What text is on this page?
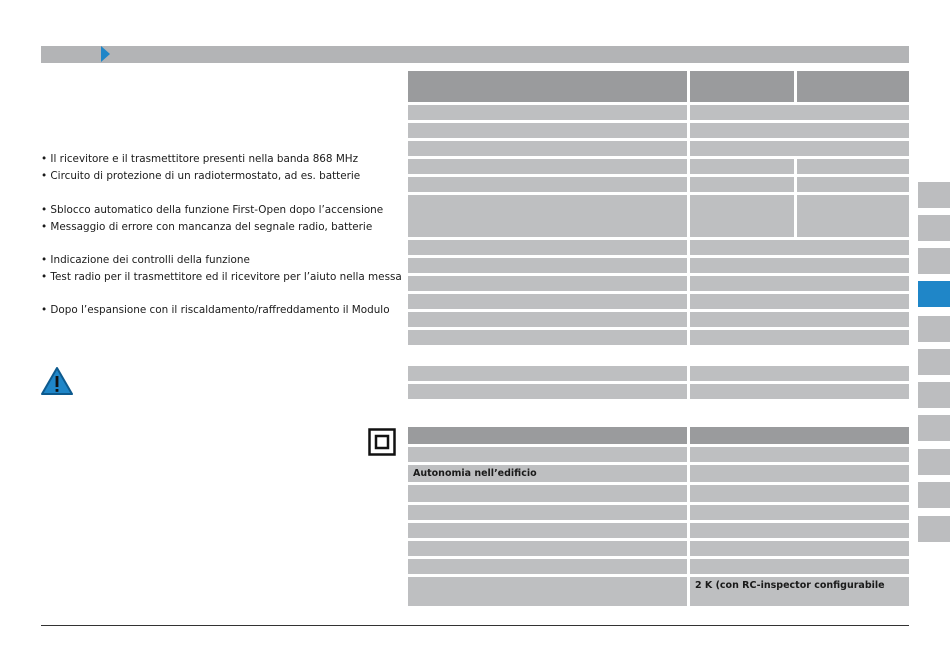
• Il ricevitore e il trasmettitore presenti nella banda 868 MHz
• Circuito di protezione di un radiotermostato, ad es. batterie
• Sblocco automatico della funzione First-Open dopo l’accensione
• Messaggio di errore con mancanza del segnale radio, batterie
• Indicazione dei controlli della funzione
• Test radio per il trasmettitore ed il ricevitore per l’aiuto nella messa
• Dopo l’espansione con il riscaldamento/raffreddamento il Modulo
Autonomia nell’edificio
2 K (con RC-inspector configurabile
